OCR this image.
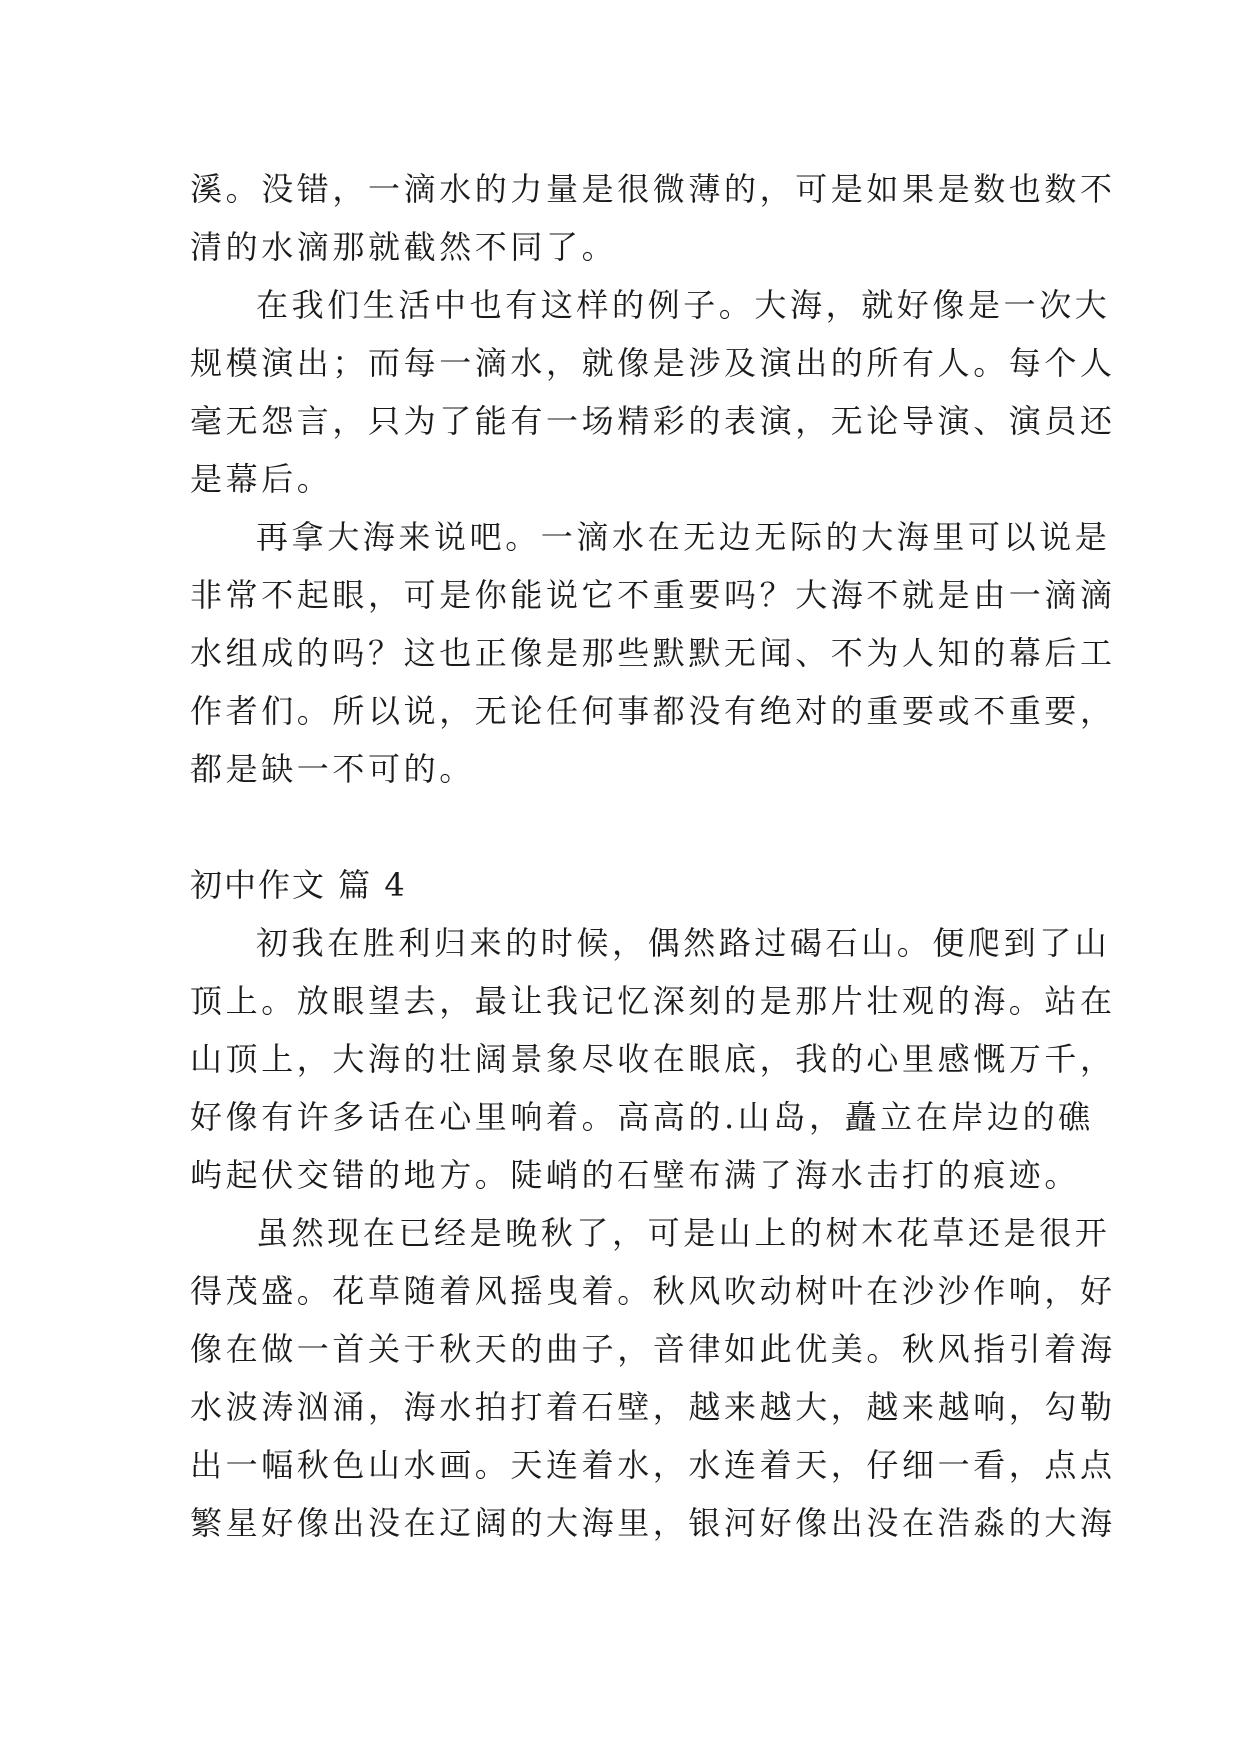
溪。没错，一滴水的力量是很微薄的，可是如果是数也数不
清的水滴那就截然不同了。
在我们生活中也有这样的例子。大海，就好像是一次大
规模演出；而每一滴水，就像是涉及演出的所有人。每个人
毫无怨言，只为了能有一场精彩的表演，无论导演、演员还
是幕后。
再拿大海来说吧。一滴水在无边无际的大海里可以说是
非常不起眼，可是你能说它不重要吗？大海不就是由一滴滴
水组成的吗？这也正像是那些默默无闻、不为人知的幕后工
作者们。所以说，无论任何事都没有绝对的重要或不重要，
都是缺一不可的。
初中作文 篇 4
初我在胜利归来的时候，偶然路过碣石山。便爬到了山
顶上。放眼望去，最让我记忆深刻的是那片壮观的海。站在
山顶上，大海的壮阔景象尽收在眼底，我的心里感慨万千，
好像有许多话在心里响着。高高的.山岛，矗立在岸边的礁
屿起伏交错的地方。陡峭的石壁布满了海水击打的痕迹。
虽然现在已经是晚秋了，可是山上的树木花草还是很开
得茂盛。花草随着风摇曳着。秋风吹动树叶在沙沙作响，好
像在做一首关于秋天的曲子，音律如此优美。秋风指引着海
水波涛汹涌，海水拍打着石壁，越来越大，越来越响，勾勒
出一幅秋色山水画。天连着水，水连着天，仔细一看，点点
繁星好像出没在辽阔的大海里，银河好像出没在浩淼的大海
